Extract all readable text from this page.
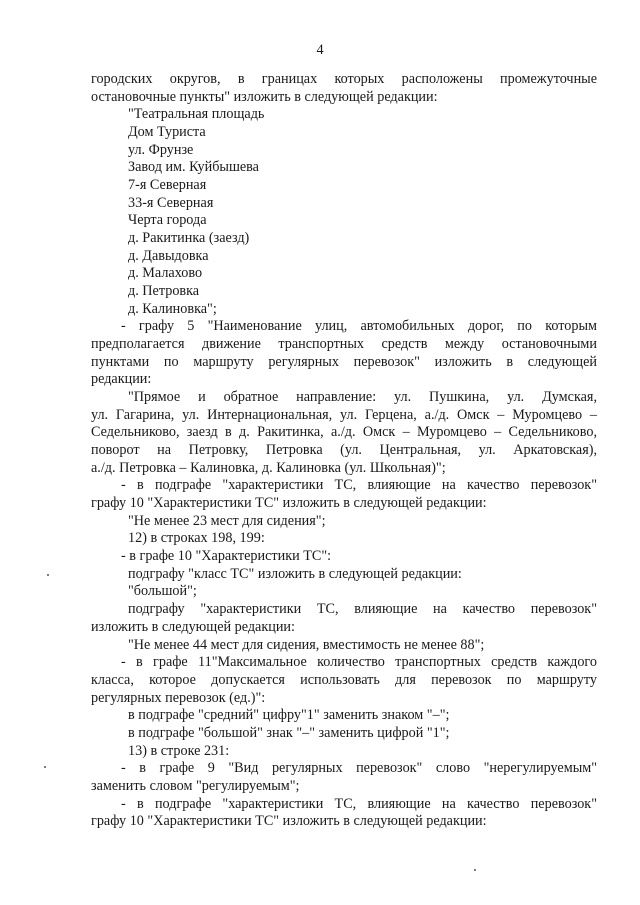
4
городских округов, в границах которых расположены промежуточные
остановочные пункты" изложить в следующей редакции:
"Театральная площадь
Дом Туриста
ул. Фрунзе
Завод им. Куйбышева
7-я Северная
33-я Северная
Черта города
д. Ракитинка (заезд)
д. Давыдовка
д. Малахово
д. Петровка
д. Калиновка";
- графу 5 "Наименование улиц, автомобильных дорог, по которым
предполагается движение транспортных средств между остановочными
пунктами по маршруту регулярных перевозок" изложить в следующей
редакции:
"Прямое и обратное направление: ул. Пушкина, ул. Думская,
ул. Гагарина, ул. Интернациональная, ул. Герцена, а./д. Омск – Муромцево –
Седельниково, заезд в д. Ракитинка, а./д. Омск – Муромцево – Седельниково,
поворот на Петровку, Петровка (ул. Центральная, ул. Аркатовская),
а./д. Петровка – Калиновка, д. Калиновка (ул. Школьная)";
- в подграфе "характеристики ТС, влияющие на качество перевозок"
графу 10 "Характеристики ТС" изложить в следующей редакции:
"Не менее 23 мест для сидения";
12) в строках 198, 199:
- в графе 10 "Характеристики ТС":
подграфу "класс ТС" изложить в следующей редакции:
"большой";
подграфу "характеристики ТС, влияющие на качество перевозок"
изложить в следующей редакции:
"Не менее 44 мест для сидения, вместимость не менее 88";
- в графе 11"Максимальное количество транспортных средств каждого
класса, которое допускается использовать для перевозок по маршруту
регулярных перевозок (ед.)":
в подграфе "средний" цифру"1" заменить знаком "–";
в подграфе "большой" знак "–" заменить цифрой "1";
13) в строке 231:
- в графе 9 "Вид регулярных перевозок" слово "нерегулируемым"
заменить словом "регулируемым";
- в подграфе "характеристики ТС, влияющие на качество перевозок"
графу 10 "Характеристики ТС" изложить в следующей редакции:
